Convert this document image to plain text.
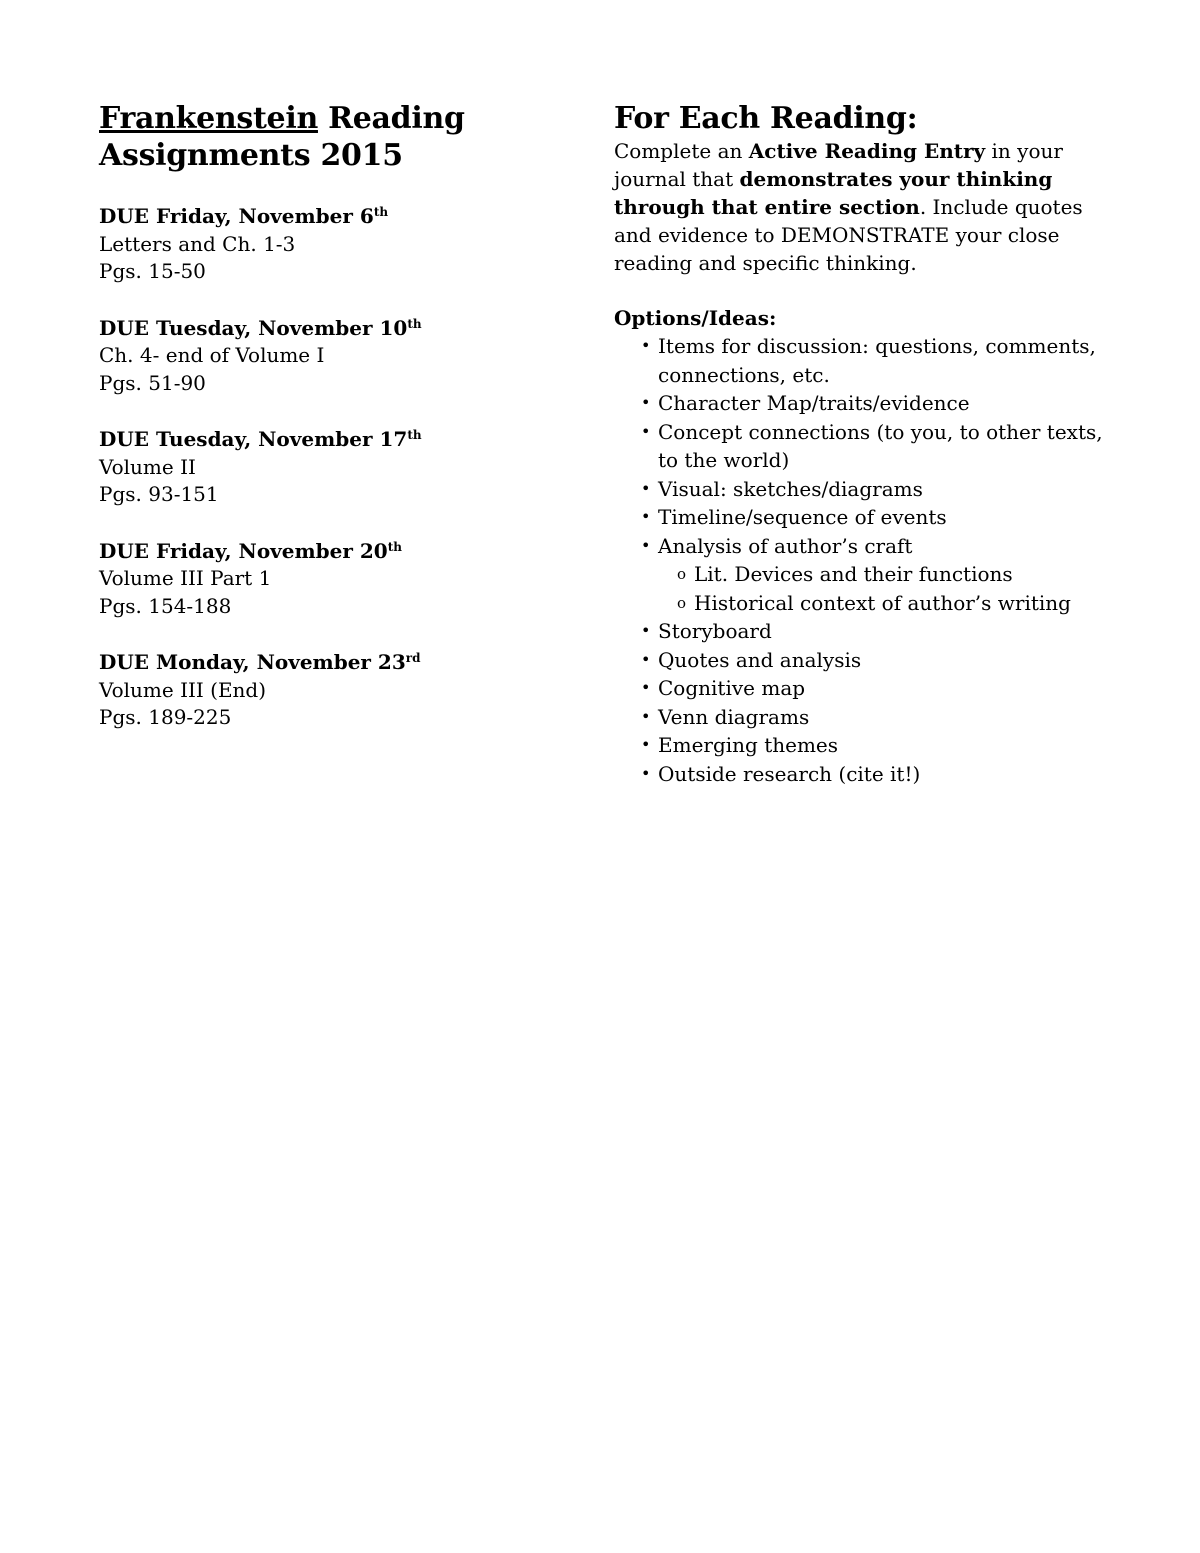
Frankenstein Reading
Assignments 2015
DUE Friday, November 6th
Letters and Ch. 1-3
Pgs. 15-50
DUE Tuesday, November 10th
Ch. 4- end of Volume I
Pgs. 51-90
DUE Tuesday, November 17th
Volume II
Pgs. 93-151
DUE Friday, November 20th
Volume III Part 1
Pgs. 154-188
DUE Monday, November 23rd
Volume III (End)
Pgs. 189-225
For Each Reading:

Complete an Active Reading Entry in your journal that demonstrates your thinking through that entire section. Include quotes and evidence to DEMONSTRATE your close reading and specific thinking.

Options/Ideas:
• Items for discussion: questions, comments, connections, etc.
• Character Map/traits/evidence
• Concept connections (to you, to other texts, to the world)
• Visual: sketches/diagrams
• Timeline/sequence of events
• Analysis of author’s craft
o Lit. Devices and their functions
o Historical context of author’s writing
• Storyboard
• Quotes and analysis
• Cognitive map
• Venn diagrams
• Emerging themes
• Outside research (cite it!)
